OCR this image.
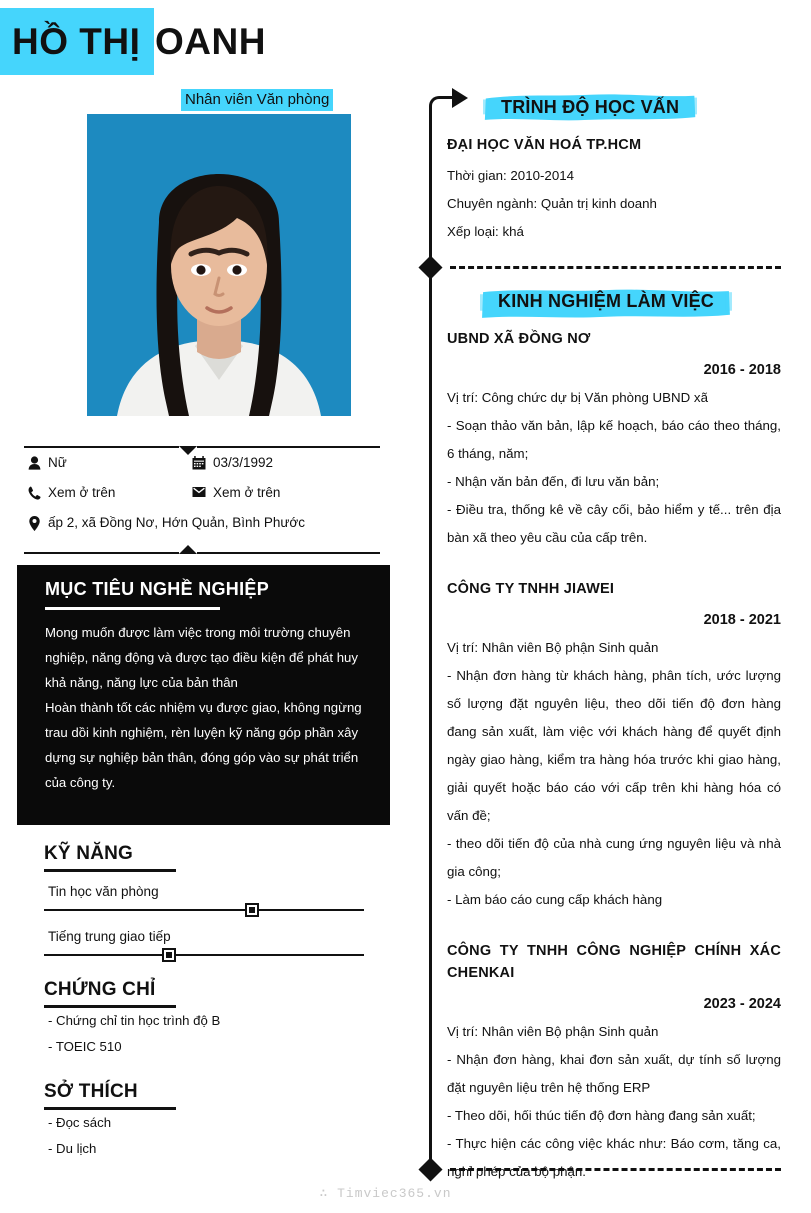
HỒ THỊ OANH
Nhân viên Văn phòng
Nữ	03/3/1992
Xem ở trên	Xem ở trên
ấp 2, xã Đồng Nơ, Hớn Quản, Bình Phước
MỤC TIÊU NGHỀ NGHIỆP
Mong muốn được làm việc trong môi trường chuyên nghiệp, năng động và được tạo điều kiện để phát huy khả năng, năng lực của bản thân
Hoàn thành tốt các nhiệm vụ được giao, không ngừng trau dồi kinh nghiệm, rèn luyện kỹ năng góp phần xây dựng sự nghiệp bản thân, đóng góp vào sự phát triển của công ty.
KỸ NĂNG
Tin học văn phòng
Tiếng trung giao tiếp
CHỨNG CHỈ
- Chứng chỉ tin học trình độ B
- TOEIC 510
SỞ THÍCH
- Đọc sách
- Du lịch
TRÌNH ĐỘ HỌC VẤN
ĐẠI HỌC VĂN HOÁ TP.HCM
Thời gian: 2010-2014
Chuyên ngành: Quản trị kinh doanh
Xếp loại: khá
KINH NGHIỆM LÀM VIỆC
UBND XÃ ĐỒNG NƠ
2016 - 2018
Vị trí: Công chức dự bị Văn phòng UBND xã
- Soạn thảo văn bản, lập kế hoạch, báo cáo theo tháng, 6 tháng, năm;
- Nhận văn bản đến, đi lưu văn bản;
- Điều tra, thống kê về cây cối, bảo hiểm y tế... trên địa bàn xã theo yêu cầu của cấp trên.
CÔNG TY TNHH JIAWEI
2018 - 2021
Vị trí: Nhân viên Bộ phận Sinh quản
- Nhận đơn hàng từ khách hàng, phân tích, ước lượng số lượng đặt nguyên liệu, theo dõi tiến độ đơn hàng đang sản xuất, làm việc với khách hàng để quyết định ngày giao hàng, kiểm tra hàng hóa trước khi giao hàng, giải quyết hoặc báo cáo với cấp trên khi hàng hóa có vấn đề;
- theo dõi tiến độ của nhà cung ứng nguyên liệu và nhà gia công;
- Làm báo cáo cung cấp khách hàng
CÔNG TY TNHH CÔNG NGHIỆP CHÍNH XÁC CHENKAI
2023 - 2024
Vị trí: Nhân viên Bộ phận Sinh quản
- Nhận đơn hàng, khai đơn sản xuất, dự tính số lượng đặt nguyên liệu trên hệ thống ERP
- Theo dõi, hối thúc tiến độ đơn hàng đang sản xuất;
- Thực hiện các công việc khác như: Báo cơm, tăng ca, nghỉ phép của bộ phận.
∴ Timviec365.vn
